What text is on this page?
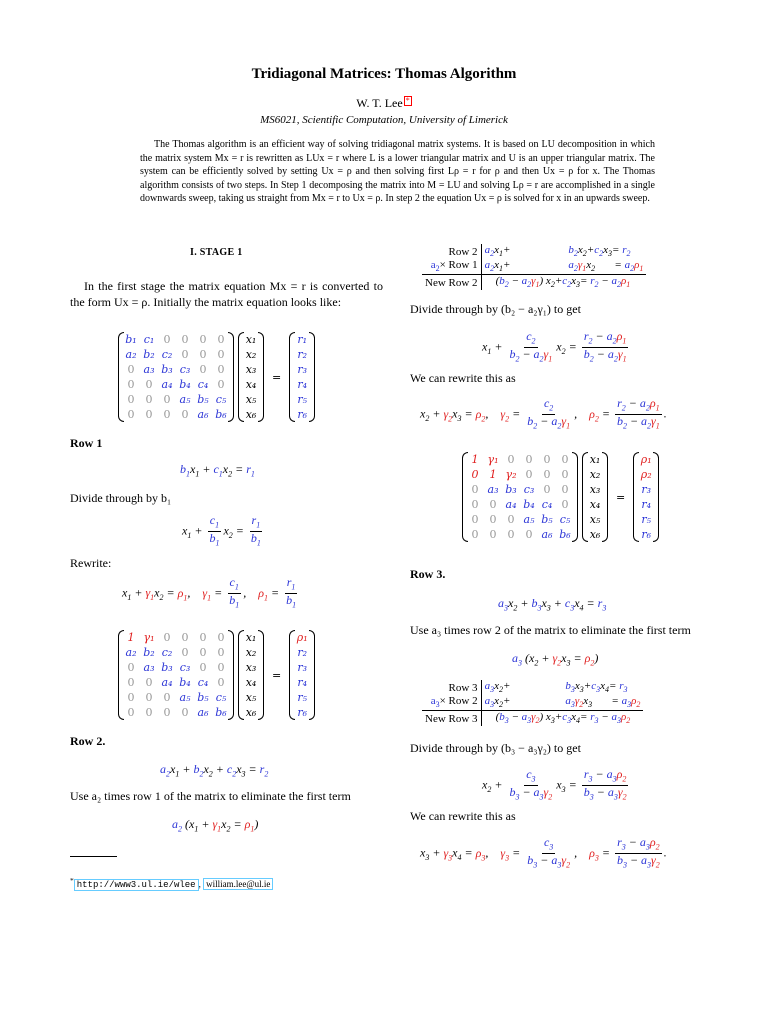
Tridiagonal Matrices: Thomas Algorithm
W. T. Lee *
MS6021, Scientific Computation, University of Limerick
The Thomas algorithm is an efficient way of solving tridiagonal matrix systems. It is based on LU decomposition in which the matrix system Mx = r is rewritten as LUx = r where L is a lower triangular matrix and U is an upper triangular matrix. The system can be efficiently solved by setting Ux = ρ and then solving first Lρ = r for ρ and then Ux = ρ for x. The Thomas algorithm consists of two steps. In Step 1 decomposing the matrix into M = LU and solving Lρ = r are accomplished in a single downwards sweep, taking us straight from Mx = r to Ux = ρ. In step 2 the equation Ux = ρ is solved for x in an upwards sweep.
I. STAGE 1
In the first stage the matrix equation Mx = r is converted to the form Ux = ρ. Initially the matrix equation looks like:
b₁	c₁	0	0	0	0
a₂	b₂	c₂	0	0	0
0	a₃	b₃	c₃	0	0
0	0	a₄	b₄	c₄	0
0	0	0	a₅	b₅	c₅
0	0	0	0	a₆	b₆
x₁
x₂
x₃
x₄
x₅
x₆
=
r₁
r₂
r₃
r₄
r₅
r₆
Row 1
$b_1x_1 + c_1x_2 = r_1$
Divide through by b₁
$x_1 + \frac{c_1}{b_1} x_2 = \frac{r_1}{b_1}$
Rewrite:
$x_1 + \gamma_1x_2 = \rho_1$,    $\gamma_1 = \frac{c_1}{b_1}$ ,    $\rho_1 = \frac{r_1}{b_1}$
1	γ₁	0	0	0	0
a₂	b₂	c₂	0	0	0
0	a₃	b₃	c₃	0	0
0	0	a₄	b₄	c₄	0
0	0	0	a₅	b₅	c₅
0	0	0	0	a₆	b₆
x₁
x₂
x₃
x₄
x₅
x₆
=
ρ₁
r₂
r₃
r₄
r₅
r₆
Row 2.
$a_2x_1 + b_2x_2 + c_2x_3 = r_2$
Use a₂ times row 1 of the matrix to eliminate the first term
$a_2$ $(x_1 + \gamma_1x_2 = \rho_1)$
* http://www3.ul.ie/wlee , william.lee@ul.ie
Row 2	$a_2x_1+$	$b_2x_2+c_2x_3= r_2$
$a_2\times$ Row 1	$a_2x_1+$	$a_2\gamma_1x_2$       = $a_2\rho_1$
New Row 2	$(b_2 - a_2\gamma_1)$ $x_2+c_2x_3= r_2 - a_2\rho_1$
Divide through by (b₂ − a₂γ₁) to get
$x_1 + \frac{c_2}{b_2 - a_2\gamma_1} x_2 = \frac{r_2 - a_2\rho_1}{b_2 - a_2\gamma_1}$
We can rewrite this as
$x_2 + \gamma_2x_3 = \rho_2$,    $\gamma_2 = \frac{c_2}{b_2 - a_2\gamma_1}$ ,    $\rho_2 = \frac{r_2 - a_2\rho_1}{b_2 - a_2\gamma_1}$ .
1	γ₁	0	0	0	0
0	1	γ₂	0	0	0
0	a₃	b₃	c₃	0	0
0	0	a₄	b₄	c₄	0
0	0	0	a₅	b₅	c₅
0	0	0	0	a₆	b₆
x₁
x₂
x₃
x₄
x₅
x₆
=
ρ₁
ρ₂
r₃
r₄
r₅
r₆
Row 3.
$a_3x_2 + b_3x_3 + c_3x_4 = r_3$
Use a₃ times row 2 of the matrix to eliminate the first term
$a_3$ $(x_2 + \gamma_2x_3 = \rho_2)$
Row 3	$a_3x_2+$	$b_3x_3+c_3x_4= r_3$
$a_3\times$ Row 2	$a_3x_2+$	$a_3\gamma_2x_3$       = $a_3\rho_2$
New Row 3	$(b_3 - a_3\gamma_2)$ $x_3+c_3x_4= r_3 - a_3\rho_2$
Divide through by (b₃ − a₃γ₂) to get
$x_2 + \frac{c_3}{b_3 - a_3\gamma_2} x_3 = \frac{r_3 - a_3\rho_2}{b_3 - a_3\gamma_2}$
We can rewrite this as
$x_3 + \gamma_3x_4 = \rho_3$,    $\gamma_3 = \frac{c_3}{b_3 - a_3\gamma_2}$ ,    $\rho_3 = \frac{r_3 - a_3\rho_2}{b_3 - a_3\gamma_2}$ .
